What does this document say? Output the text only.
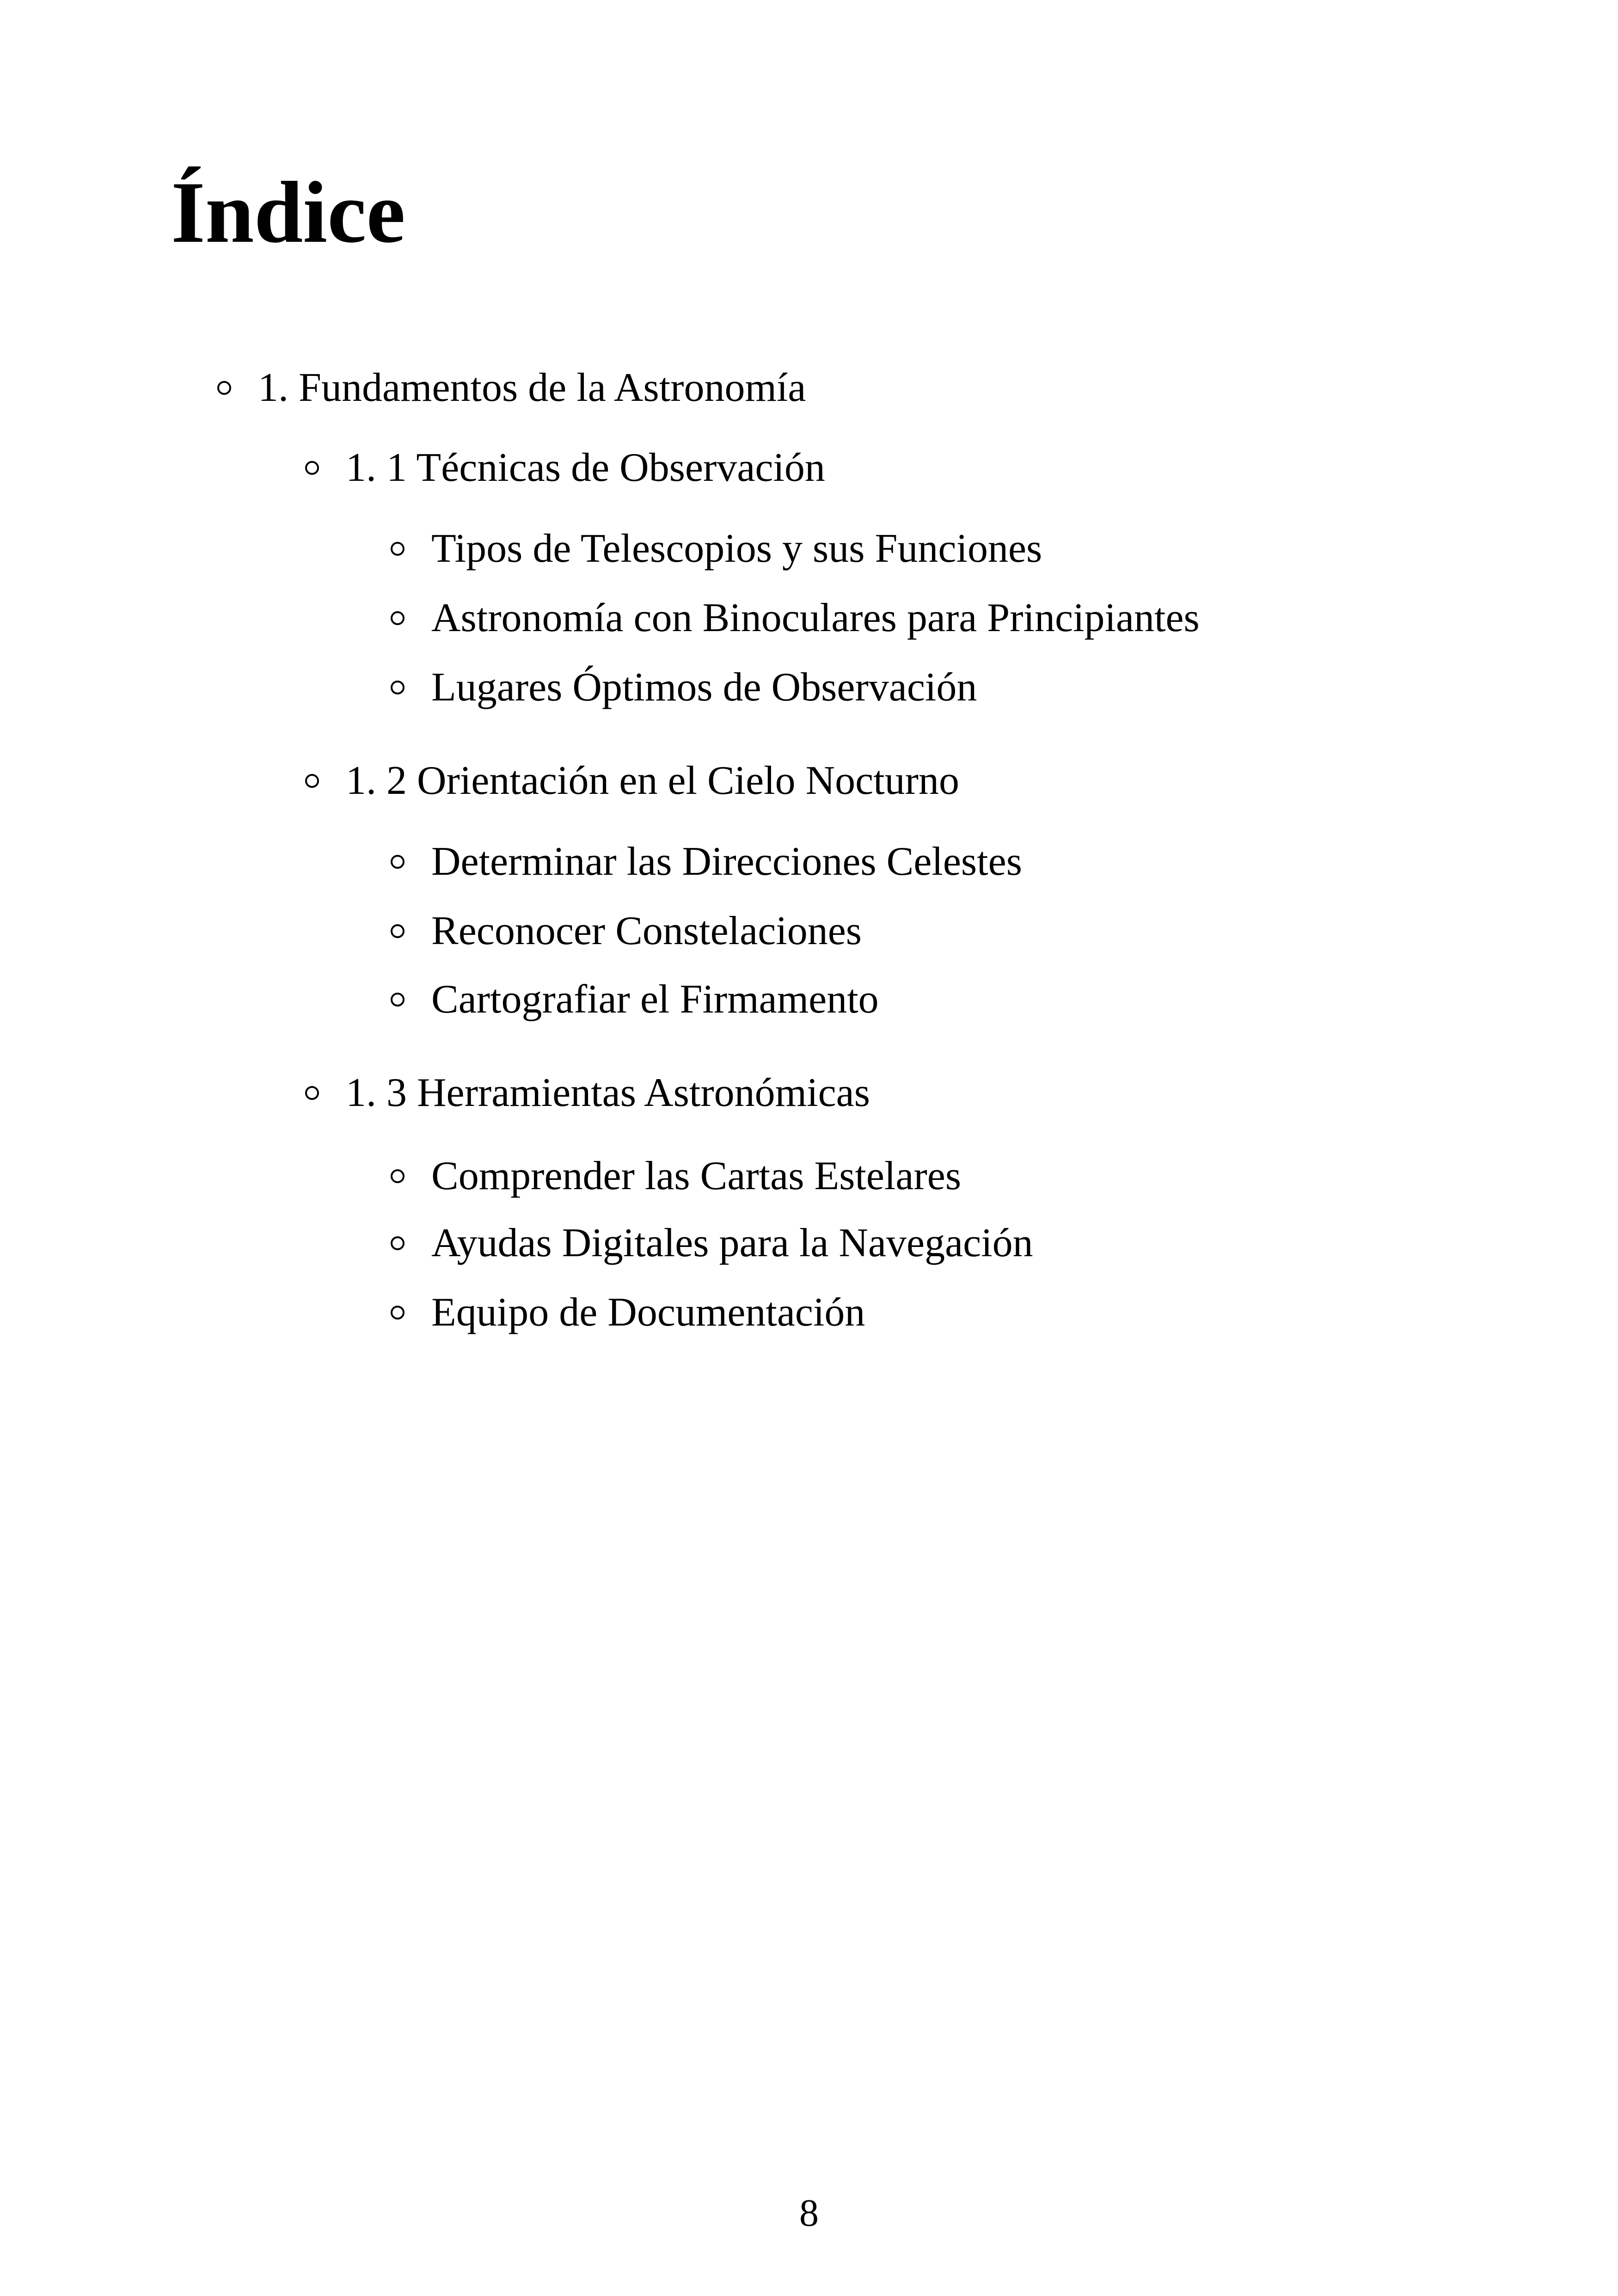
Índice
1. Fundamentos de la Astronomía
1. 1 Técnicas de Observación
Tipos de Telescopios y sus Funciones
Astronomía con Binoculares para Principiantes
Lugares Óptimos de Observación
1. 2 Orientación en el Cielo Nocturno
Determinar las Direcciones Celestes
Reconocer Constelaciones
Cartografiar el Firmamento
1. 3 Herramientas Astronómicas
Comprender las Cartas Estelares
Ayudas Digitales para la Navegación
Equipo de Documentación
8
